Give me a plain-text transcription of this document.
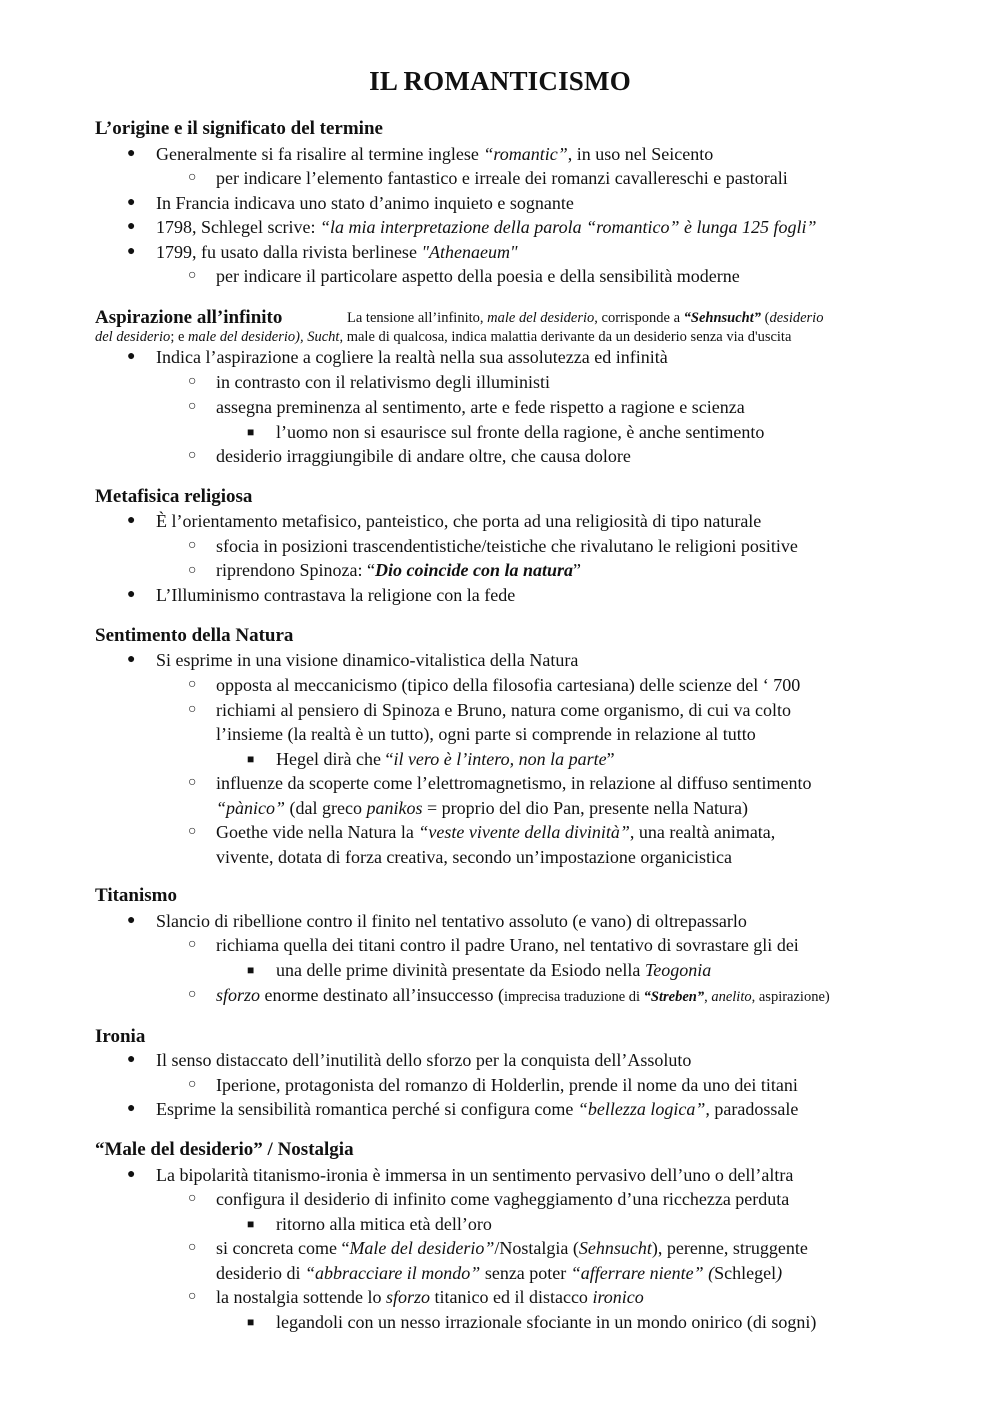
IL ROMANTICISMO
L’origine e il significato del termine
● Generalmente si fa risalire al termine inglese “romantic”, in uso nel Seicento
○ per indicare l’elemento fantastico e irreale dei romanzi cavallereschi e pastorali
● In Francia indicava uno stato d’animo inquieto e sognante
● 1798, Schlegel scrive: “la mia interpretazione della parola “romantico” è lunga 125 fogli”
● 1799, fu usato dalla rivista berlinese "Athenaeum"
○ per indicare il particolare aspetto della poesia e della sensibilità moderne
Aspirazione all’infinito	La tensione all’infinito, male del desiderio, corrisponde a “Sehnsucht” (desiderio
del desiderio; e male del desiderio), Sucht, male di qualcosa, indica malattia derivante da un desiderio senza via d'uscita
● Indica l’aspirazione a cogliere la realtà nella sua assolutezza ed infinità
○ in contrasto con il relativismo degli illuministi
○ assegna preminenza al sentimento, arte e fede rispetto a ragione e scienza
■ l’uomo non si esaurisce sul fronte della ragione, è anche sentimento
○ desiderio irraggiungibile di andare oltre, che causa dolore
Metafisica religiosa
● È l’orientamento metafisico, panteistico, che porta ad una religiosità di tipo naturale
○ sfocia in posizioni trascendentistiche/teistiche che rivalutano le religioni positive
○ riprendono Spinoza: “Dio coincide con la natura”
● L’Illuminismo contrastava la religione con la fede
Sentimento della Natura
● Si esprime in una visione dinamico-vitalistica della Natura
○ opposta al meccanicismo (tipico della filosofia cartesiana) delle scienze del ‘ 700
○ richiami al pensiero di Spinoza e Bruno, natura come organismo, di cui va colto
l’insieme (la realtà è un tutto), ogni parte si comprende in relazione al tutto
■ Hegel dirà che “il vero è l’intero, non la parte”
○ influenze da scoperte come l’elettromagnetismo, in relazione al diffuso sentimento
“pànico” (dal greco panikos = proprio del dio Pan, presente nella Natura)
○ Goethe vide nella Natura la “veste vivente della divinità”, una realtà animata,
vivente, dotata di forza creativa, secondo un’impostazione organicistica
Titanismo
● Slancio di ribellione contro il finito nel tentativo assoluto (e vano) di oltrepassarlo
○ richiama quella dei titani contro il padre Urano, nel tentativo di sovrastare gli dei
■ una delle prime divinità presentate da Esiodo nella Teogonia
○ sforzo enorme destinato all’insuccesso (imprecisa traduzione di “Streben”, anelito, aspirazione)
Ironia
● Il senso distaccato dell’inutilità dello sforzo per la conquista dell’Assoluto
○ Iperione, protagonista del romanzo di Holderlin, prende il nome da uno dei titani
● Esprime la sensibilità romantica perché si configura come “bellezza logica”, paradossale
“Male del desiderio” / Nostalgia
● La bipolarità titanismo-ironia è immersa in un sentimento pervasivo dell’uno o dell’altra
○ configura il desiderio di infinito come vagheggiamento d’una ricchezza perduta
■ ritorno alla mitica età dell’oro
○ si concreta come “Male del desiderio”/Nostalgia (Sehnsucht), perenne, struggente
desiderio di “abbracciare il mondo” senza poter “afferrare niente” (Schlegel)
○ la nostalgia sottende lo sforzo titanico ed il distacco ironico
■ legandoli con un nesso irrazionale sfociante in un mondo onirico (di sogni)
